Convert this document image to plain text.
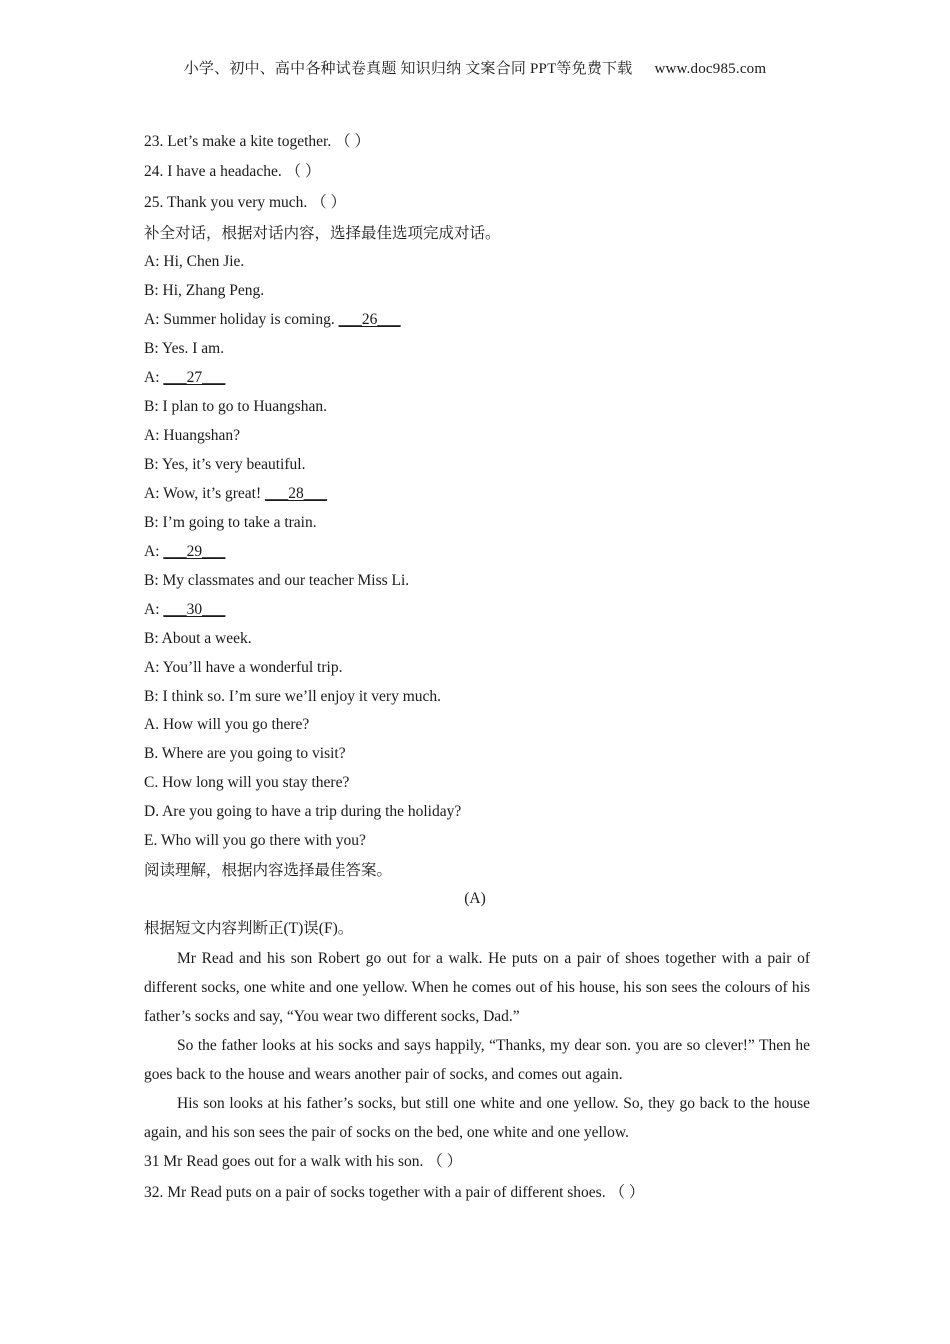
小学、初中、高中各种试卷真题 知识归纳 文案合同 PPT等免费下载 www.doc985.com
23. Let’s make a kite together. （ ）
24. I have a headache. （ ）
25. Thank you very much. （ ）
补全对话，根据对话内容，选择最佳选项完成对话。
A: Hi, Chen Jie.
B: Hi, Zhang Peng.
A: Summer holiday is coming. ___26___
B: Yes. I am.
A: ___27___
B: I plan to go to Huangshan.
A: Huangshan?
B: Yes, it’s very beautiful.
A: Wow, it’s great! ___28___
B: I’m going to take a train.
A: ___29___
B: My classmates and our teacher Miss Li.
A: ___30___
B: About a week.
A: You’ll have a wonderful trip.
B: I think so. I’m sure we’ll enjoy it very much.
A. How will you go there?
B. Where are you going to visit?
C. How long will you stay there?
D. Are you going to have a trip during the holiday?
E. Who will you go there with you?
阅读理解，根据内容选择最佳答案。
(A)
根据短文内容判断正(T)误(F)。
Mr Read and his son Robert go out for a walk. He puts on a pair of shoes together with a pair of different socks, one white and one yellow. When he comes out of his house, his son sees the colours of his father’s socks and say, “You wear two different socks, Dad.”
So the father looks at his socks and says happily, “Thanks, my dear son. you are so clever!” Then he goes back to the house and wears another pair of socks, and comes out again.
His son looks at his father’s socks, but still one white and one yellow. So, they go back to the house again, and his son sees the pair of socks on the bed, one white and one yellow.
31 Mr Read goes out for a walk with his son. （ ）
32. Mr Read puts on a pair of socks together with a pair of different shoes. （ ）
